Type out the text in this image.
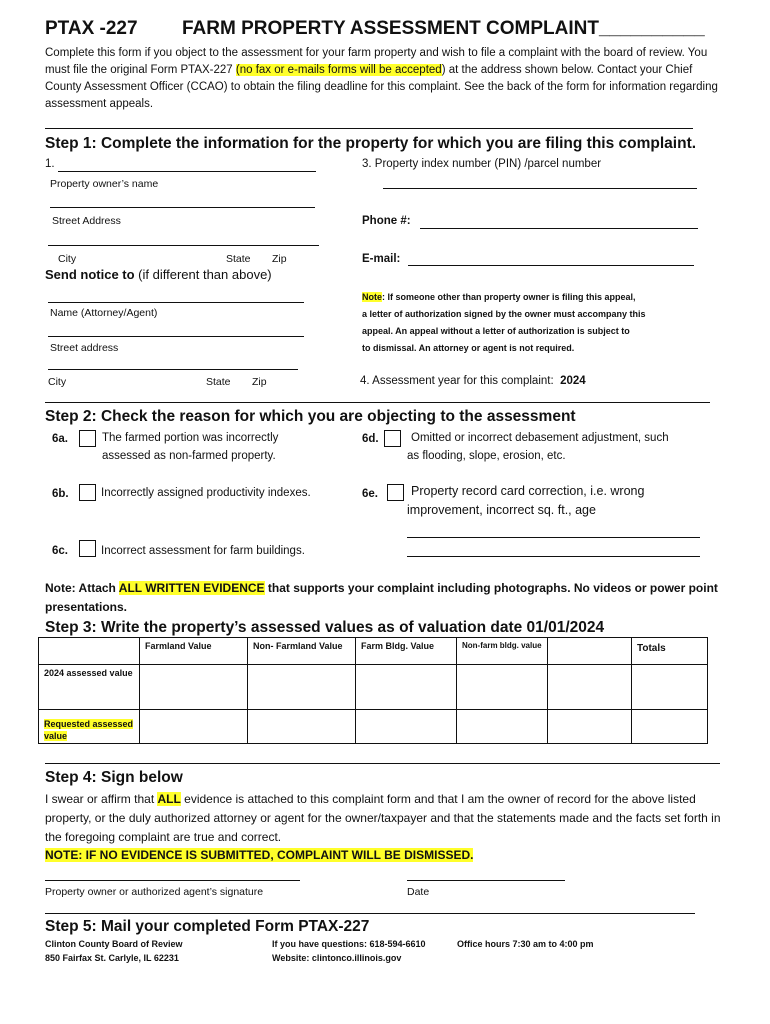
PTAX -227 FARM PROPERTY ASSESSMENT COMPLAINT__________
Complete this form if you object to the assessment for your farm property and wish to file a complaint with the board of review. You must file the original Form PTAX-227 (no fax or e-mails forms will be accepted) at the address shown below. Contact your Chief County Assessment Officer (CCAO) to obtain the filing deadline for this complaint. See the back of the form for information regarding assessment appeals.
Step 1: Complete the information for the property for which you are filing this complaint.
1.
Property owner’s name
Street Address
City	State Zip
3. Property index number (PIN) /parcel number
Phone #:
E-mail:
Send notice to (if different than above)
Name (Attorney/Agent)
Street address
City	State Zip
Note: If someone other than property owner is filing this appeal,
a letter of authorization signed by the owner must accompany this
appeal. An appeal without a letter of authorization is subject to
to dismissal. An attorney or agent is not required.
4. Assessment year for this complaint: 2024
Step 2: Check the reason for which you are objecting to the assessment
6a.	The farmed portion was incorrectly
assessed as non-farmed property.
6d.	Omitted or incorrect debasement adjustment, such
as flooding, slope, erosion, etc.
6b.	Incorrectly assigned productivity indexes.	6e.	Property record card correction, i.e. wrong
improvement, incorrect sq. ft., age
6c.	Incorrect assessment for farm buildings.
Note: Attach ALL WRITTEN EVIDENCE that supports your complaint including photographs. No videos or power point presentations.
Step 3: Write the property’s assessed values as of valuation date 01/01/2024
	Farmland Value	Non- Farmland Value	Farm Bldg. Value	Non-farm bldg. value		Totals
2024 assessed value						
Requested assessed value						
Step 4: Sign below
I swear or affirm that ALL evidence is attached to this complaint form and that I am the owner of record for the above listed property, or the duly authorized attorney or agent for the owner/taxpayer and that the statements made and the facts set forth in the foregoing complaint are true and correct.
NOTE: IF NO EVIDENCE IS SUBMITTED, COMPLAINT WILL BE DISMISSED.
Property owner or authorized agent’s signature	Date
Step 5: Mail your completed Form PTAX-227
Clinton County Board of Review
850 Fairfax St. Carlyle, IL 62231
If you have questions: 618-594-6610
Website: clintonco.illinois.gov
Office hours 7:30 am to 4:00 pm
